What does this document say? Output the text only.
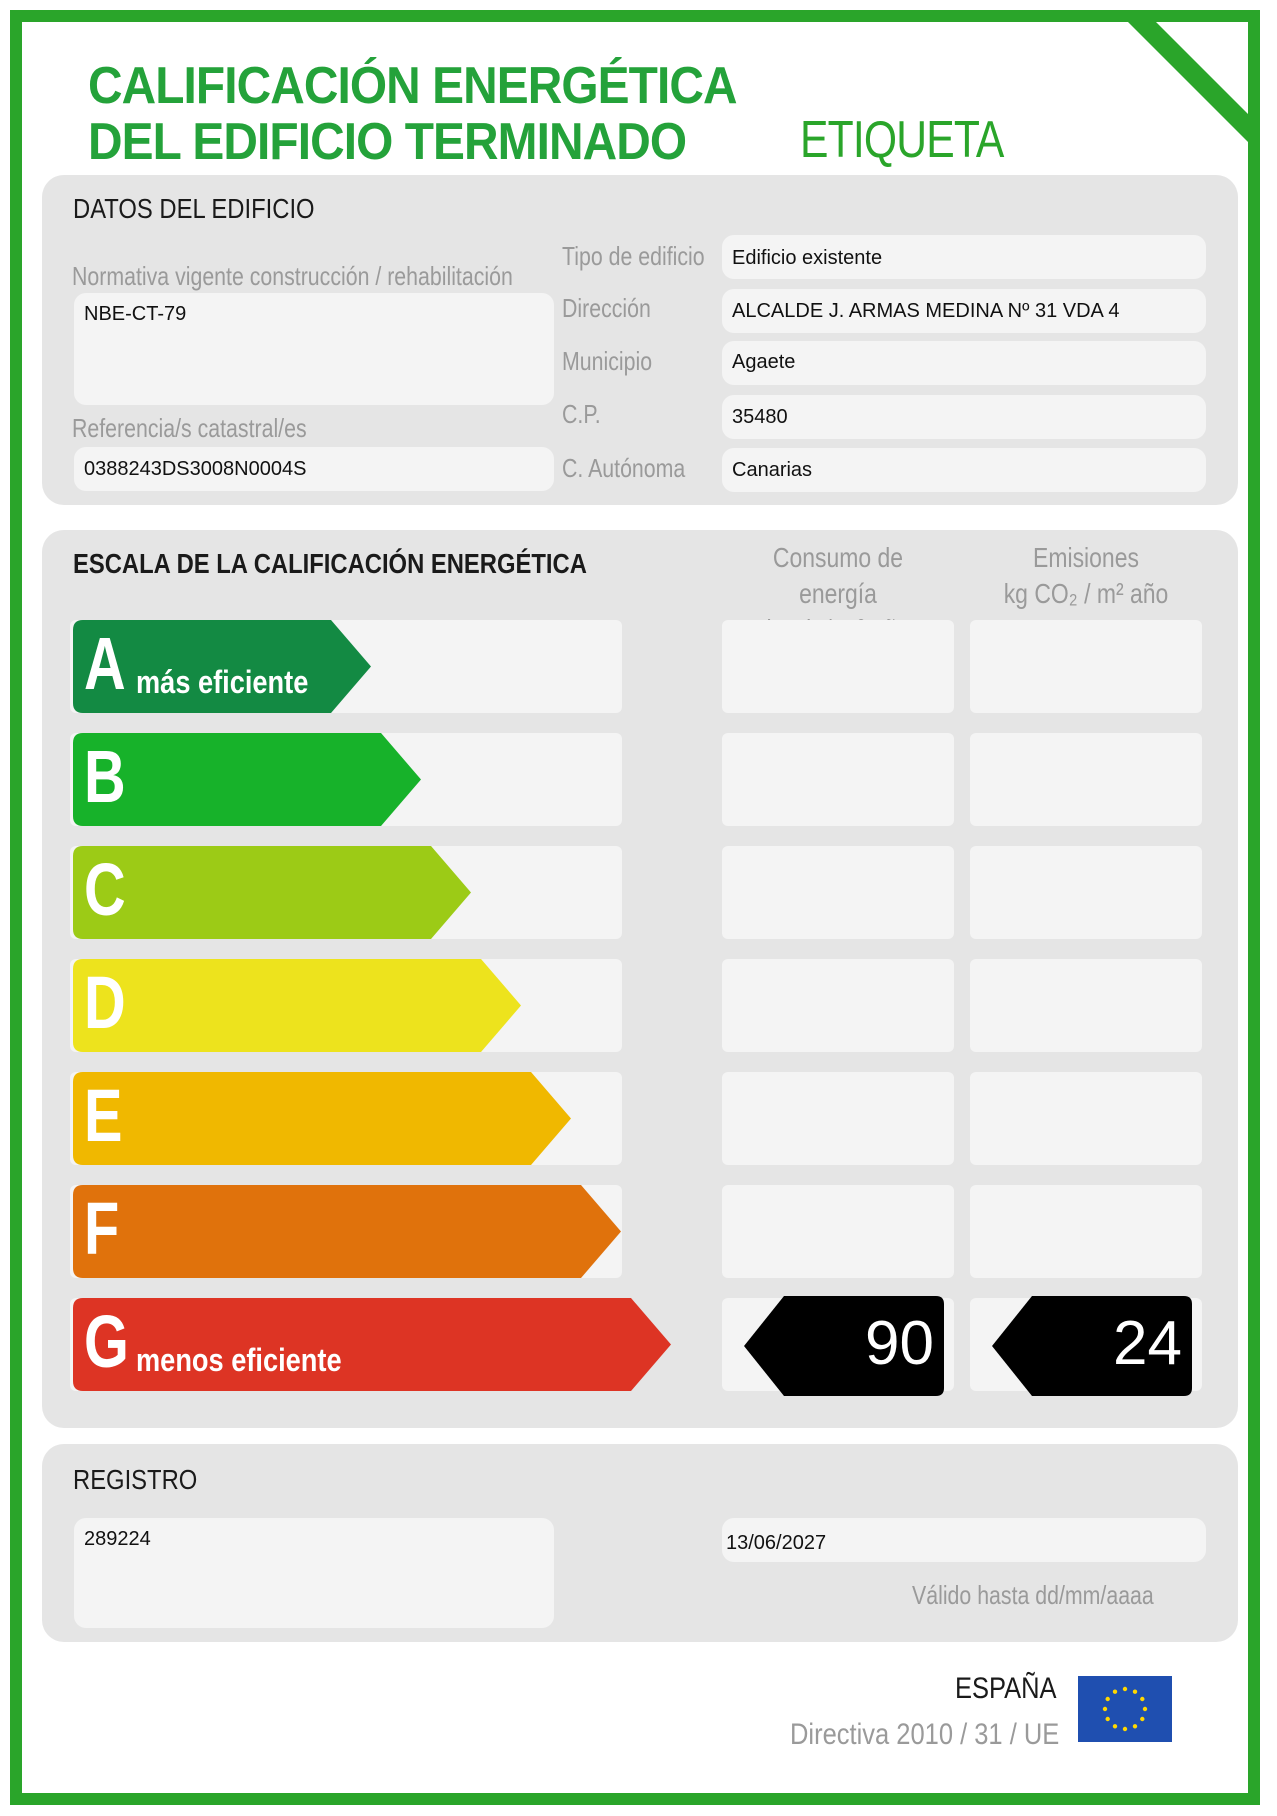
CALIFICACIÓN ENERGÉTICA
DEL EDIFICIO TERMINADO	ETIQUETA
DATOS DEL EDIFICIO
Normativa vigente construcción / rehabilitación
NBE-CT-79
Referencia/s catastral/es
0388243DS3008N0004S
Tipo de edificio	Edificio existente
Dirección	ALCALDE J. ARMAS MEDINA Nº 31 VDA 4
Municipio	Agaete
C.P.	35480
C. Autónoma	Canarias
ESCALA DE LA CALIFICACIÓN ENERGÉTICA	Consumo de energía
Emisiones
kg CO₂ / m² año
A más eficiente
B
C
D
E
F
G menos eficiente	90	24
REGISTRO
289224	13/06/2027
Válido hasta dd/mm/aaaa
ESPAÑA
Directiva 2010 / 31 / UE
